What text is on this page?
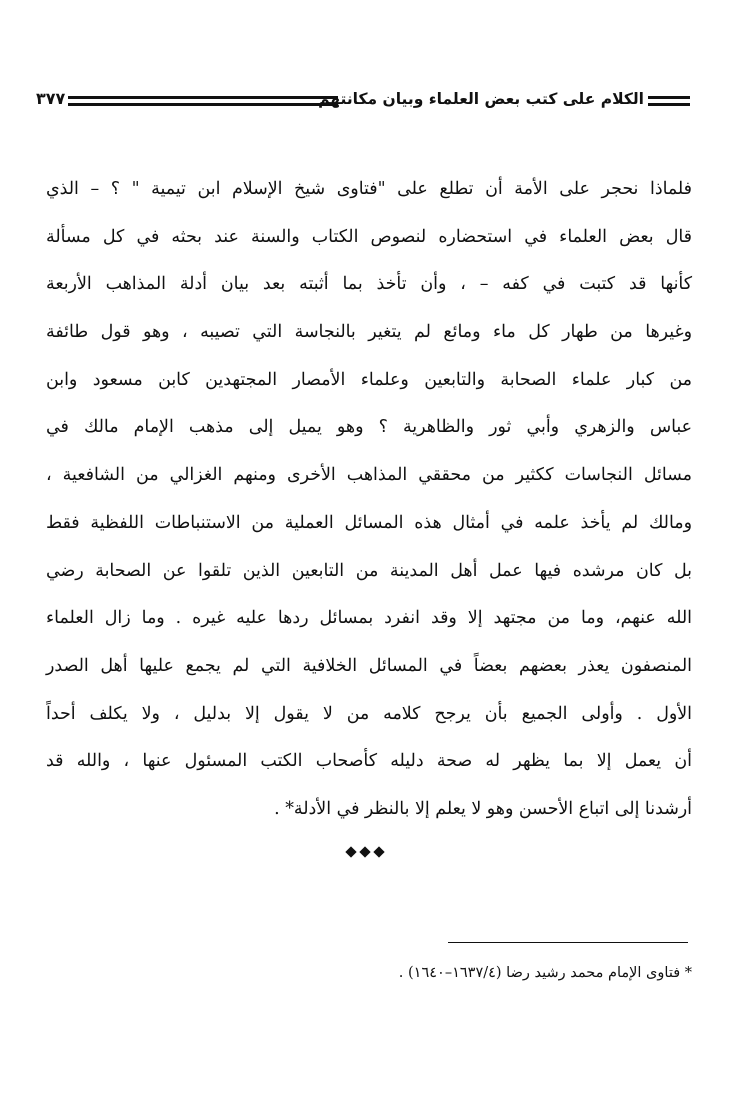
الكلام على كتب بعض العلماء وبيان مكانتهم
٣٧٧
فلماذا نحجر على الأمة أن تطلع على "فتاوى شيخ الإسلام ابن تيمية " ؟ – الذي
قال بعض العلماء في استحضاره لنصوص الكتاب والسنة عند بحثه في كل مسألة
كأنها قد كتبت في كفه – ، وأن تأخذ بما أثبته بعد بيان أدلة المذاهب الأربعة
وغيرها من طهار كل ماء ومائع لم يتغير بالنجاسة التي تصيبه ، وهو قول طائفة
من كبار علماء الصحابة والتابعين وعلماء الأمصار المجتهدين كابن مسعود وابن
عباس والزهري وأبي ثور والظاهرية ؟ وهو يميل إلى مذهب الإمام مالك في
مسائل النجاسات ككثير من محققي المذاهب الأخرى ومنهم الغزالي من الشافعية ،
ومالك لم يأخذ علمه في أمثال هذه المسائل العملية من الاستنباطات اللفظية فقط
بل كان مرشده فيها عمل أهل المدينة من التابعين الذين تلقوا عن الصحابة رضي
الله عنهم، وما من مجتهد إلا وقد انفرد بمسائل ردها عليه غيره . وما زال العلماء
المنصفون يعذر بعضهم بعضاً في المسائل الخلافية التي لم يجمع عليها أهل الصدر
الأول . وأولى الجميع بأن يرجح كلامه من لا يقول إلا بدليل ، ولا يكلف أحداً
أن يعمل إلا بما يظهر له صحة دليله كأصحاب الكتب المسئول عنها ، والله قد
أرشدنا إلى اتباع الأحسن وهو لا يعلم إلا بالنظر في الأدلة* .
* فتاوى الإمام محمد رشيد رضا (١٦٣٧/٤–١٦٤٠) .
